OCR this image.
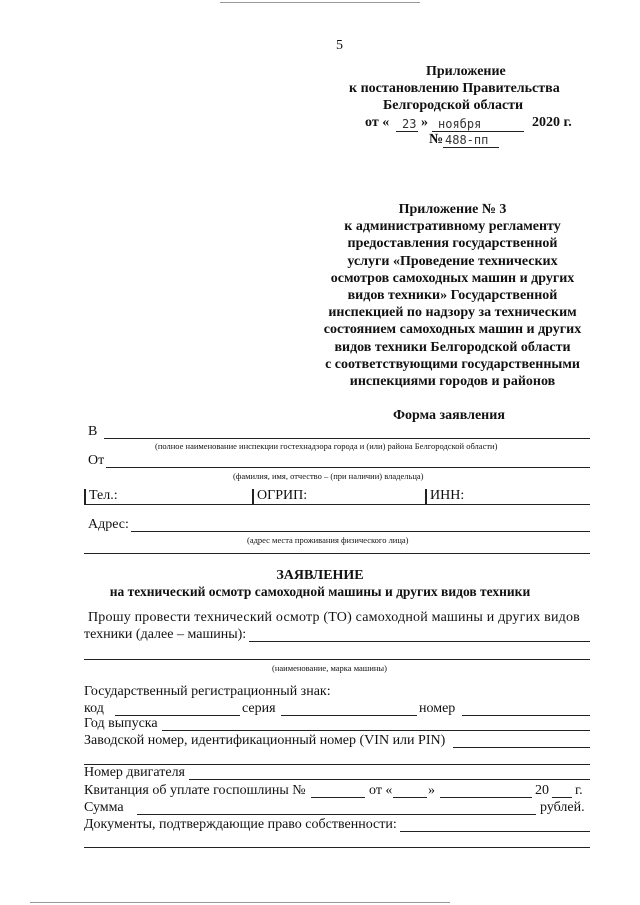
5
Приложение
к постановлению Правительства
Белгородской области
от « 23 » ноября	2020 г.
№ 488-пп
Приложение № 3
к административному регламенту
предоставления государственной
услуги «Проведение технических
осмотров самоходных машин и других
видов техники» Государственной
инспекцией по надзору за техническим
состоянием самоходных машин и других
видов техники Белгородской области
с соответствующими государственными
инспекциями городов и районов
Форма заявления
В
(полное наименование инспекции гостехнадзора города и (или) района Белгородской области)
От
(фамилия, имя, отчество – (при наличии) владельца)
Тел.:	ОГРИП:	ИНН:
Адрес:
(адрес места проживания физического лица)
ЗАЯВЛЕНИЕ
на технический осмотр самоходной машины и других видов техники
Прошу провести технический осмотр (ТО) самоходной машины и других видов
техники (далее – машины):
(наименование, марка машины)
Государственный регистрационный знак:
код	серия	номер
Год выпуска
Заводской номер, идентификационный номер (VIN или PIN)
Номер двигателя
Квитанция об уплате госпошлины №	от «	»	20 г.
Сумма	рублей.
Документы, подтверждающие право собственности:
